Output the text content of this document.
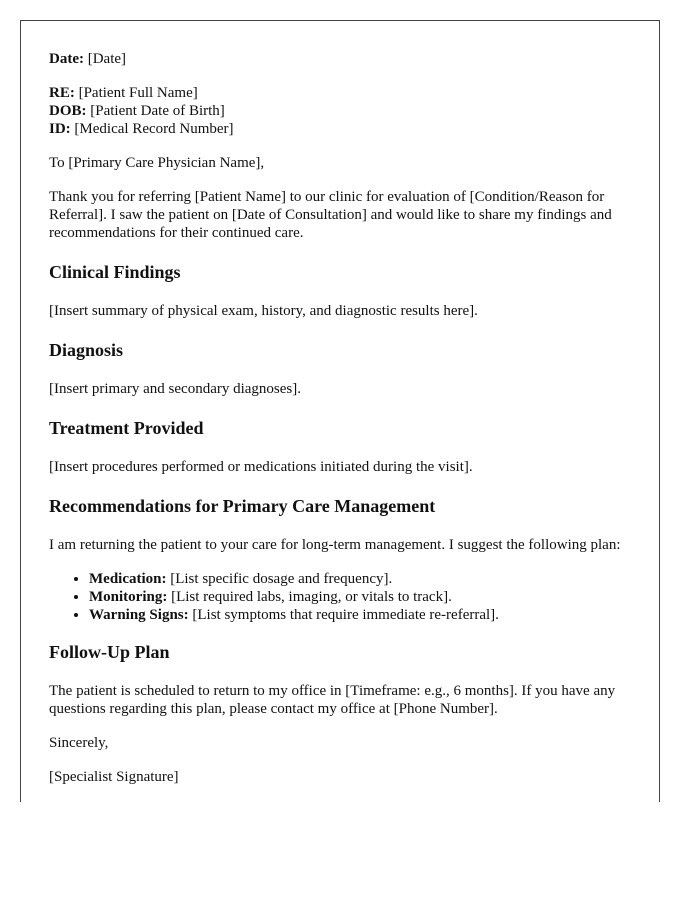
Date: [Date]

RE: [Patient Full Name]

DOB: [Patient Date of Birth]

ID: [Medical Record Number]

To [Primary Care Physician Name],

Thank you for referring [Patient Name] to our clinic for evaluation of [Condition/Reason for Referral]. I saw the patient on [Date of Consultation] and would like to share my findings and recommendations for their continued care.

Clinical Findings

[Insert summary of physical exam, history, and diagnostic results here].

Diagnosis

[Insert primary and secondary diagnoses].

Treatment Provided

[Insert procedures performed or medications initiated during the visit].

Recommendations for Primary Care Management

I am returning the patient to your care for long-term management. I suggest the following plan:

• Medication: [List specific dosage and frequency].
• Monitoring: [List required labs, imaging, or vitals to track].
• Warning Signs: [List symptoms that require immediate re-referral].
Follow-Up Plan

The patient is scheduled to return to my office in [Timeframe: e.g., 6 months]. If you have any questions regarding this plan, please contact my office at [Phone Number].

Sincerely,

[Specialist Signature]
